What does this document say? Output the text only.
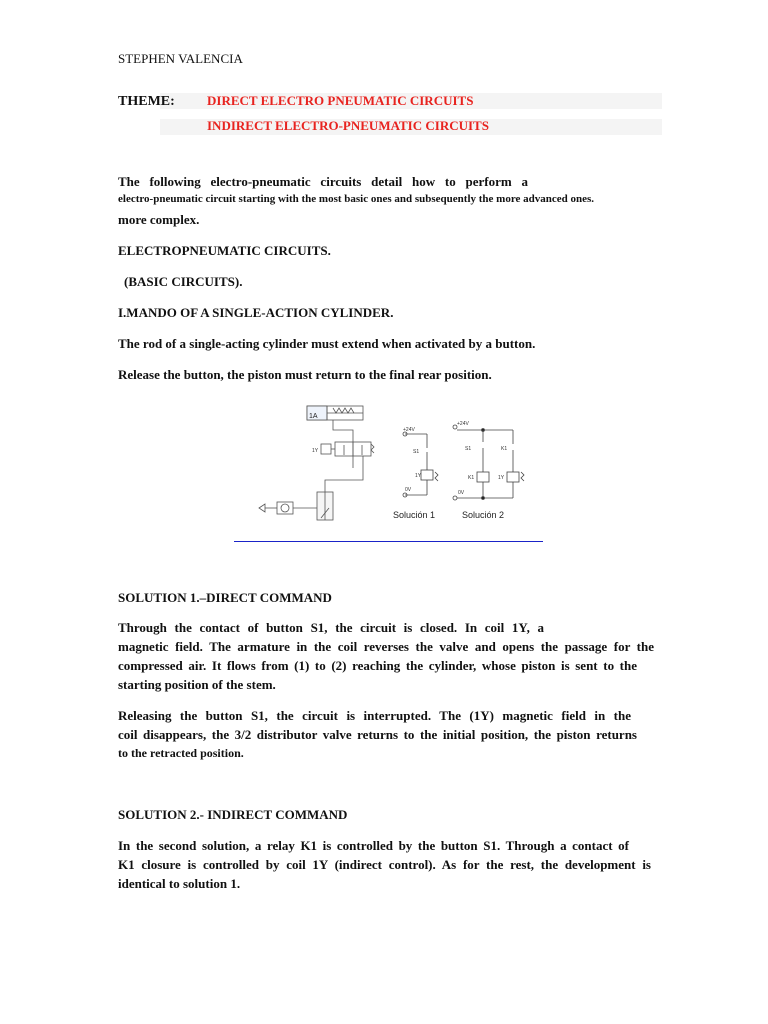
STEPHEN VALENCIA
THEME: DIRECT ELECTRO PNEUMATIC CIRCUITS
INDIRECT ELECTRO-PNEUMATIC CIRCUITS
The following electro-pneumatic circuits detail how to perform a
electro-pneumatic circuit starting with the most basic ones and subsequently the more advanced ones.
more complex.
ELECTROPNEUMATIC CIRCUITS.
(BASIC CIRCUITS).
I.MANDO OF A SINGLE-ACTION CYLINDER.
The rod of a single-acting cylinder must extend when activated by a button.
Release the button, the piston must return to the final rear position.
1A
1Y
+24V
S1
1Y
0V
Solución 1
+24V
S1	K1
K1	1Y
0V
Solución 2
SOLUTION 1.–DIRECT COMMAND
Through the contact of button S1, the circuit is closed. In coil 1Y, a
magnetic field. The armature in the coil reverses the valve and opens the passage for the
compressed air. It flows from (1) to (2) reaching the cylinder, whose piston is sent to the
starting position of the stem.
Releasing the button S1, the circuit is interrupted. The (1Y) magnetic field in the
coil disappears, the 3/2 distributor valve returns to the initial position, the piston returns
to the retracted position.
SOLUTION 2.- INDIRECT COMMAND
In the second solution, a relay K1 is controlled by the button S1. Through a contact of
K1 closure is controlled by coil 1Y (indirect control). As for the rest, the development is
identical to solution 1.
